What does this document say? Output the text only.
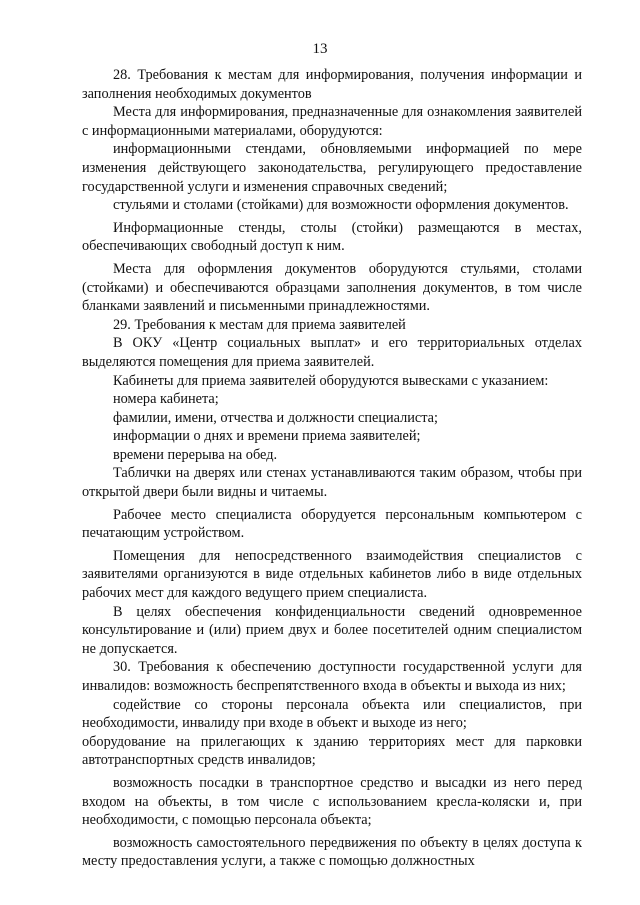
13

28. Требования к местам для информирования, получения информации и заполнения необходимых документов

Места для информирования, предназначенные для ознакомления заявителей с информационными материалами, оборудуются:

информационными стендами, обновляемыми информацией по мере изменения действующего законодательства, регулирующего предоставление государственной услуги и изменения справочных сведений;

стульями и столами (стойками) для возможности оформления документов.

Информационные стенды, столы (стойки) размещаются в местах, обеспечивающих свободный доступ к ним.

Места для оформления документов оборудуются стульями, столами (стойками) и обеспечиваются образцами заполнения документов, в том числе бланками заявлений и письменными принадлежностями.

29. Требования к местам для приема заявителей

В ОКУ «Центр социальных выплат» и его территориальных отделах выделяются помещения для приема заявителей.

Кабинеты для приема заявителей оборудуются вывесками с указанием:

номера кабинета;

фамилии, имени, отчества и должности специалиста;

информации о днях и времени приема заявителей;

времени перерыва на обед.

Таблички на дверях или стенах устанавливаются таким образом, чтобы при открытой двери были видны и читаемы.

Рабочее место специалиста оборудуется персональным компьютером с печатающим устройством.

Помещения для непосредственного взаимодействия специалистов с заявителями организуются в виде отдельных кабинетов либо в виде отдельных рабочих мест для каждого ведущего прием специалиста.

В целях обеспечения конфиденциальности сведений одновременное консультирование и (или) прием двух и более посетителей одним специалистом не допускается.

30. Требования к обеспечению доступности государственной услуги для инвалидов: возможность беспрепятственного входа в объекты и выхода из них;

содействие со стороны персонала объекта или специалистов, при необходимости, инвалиду при входе в объект и выходе из него;

оборудование на прилегающих к зданию территориях мест для парковки автотранспортных средств инвалидов;

возможность посадки в транспортное средство и высадки из него перед входом на объекты, в том числе с использованием кресла-коляски и, при необходимости, с помощью персонала объекта;

возможность самостоятельного передвижения по объекту в целях доступа к месту предоставления услуги, а также с помощью должностных
